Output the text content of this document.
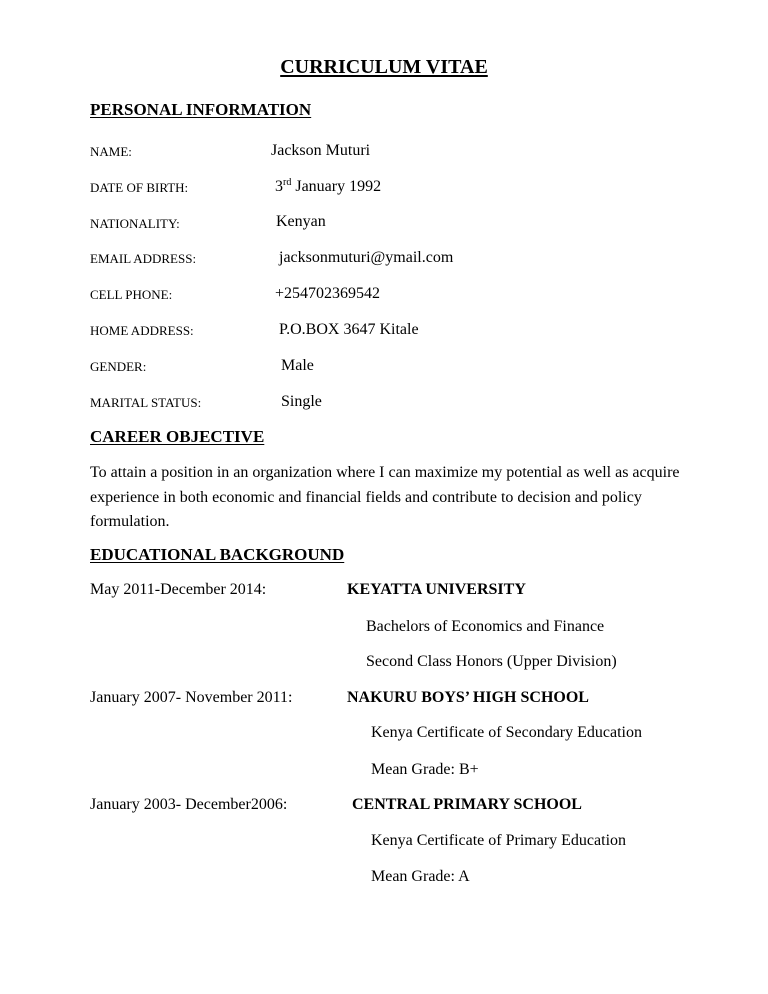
CURRICULUM VITAE
PERSONAL INFORMATION
NAME:	Jackson Muturi
DATE OF BIRTH:	3rd January 1992
NATIONALITY:	Kenyan
EMAIL ADDRESS:	jacksonmuturi@ymail.com
CELL PHONE:	+254702369542
HOME ADDRESS:	P.O.BOX 3647 Kitale
GENDER:	Male
MARITAL STATUS:	Single
CAREER OBJECTIVE
To attain a position in an organization where I can maximize my potential as well as acquire experience in both economic and financial fields and contribute to decision and policy formulation.
EDUCATIONAL BACKGROUND
May 2011-December 2014:	KEYATTA UNIVERSITY
Bachelors of Economics and Finance
Second Class Honors (Upper Division)
January 2007- November 2011:	NAKURU BOYS’ HIGH SCHOOL
Kenya Certificate of Secondary Education
Mean Grade: B+
January 2003- December2006:	CENTRAL PRIMARY SCHOOL
Kenya Certificate of Primary Education
Mean Grade: A
